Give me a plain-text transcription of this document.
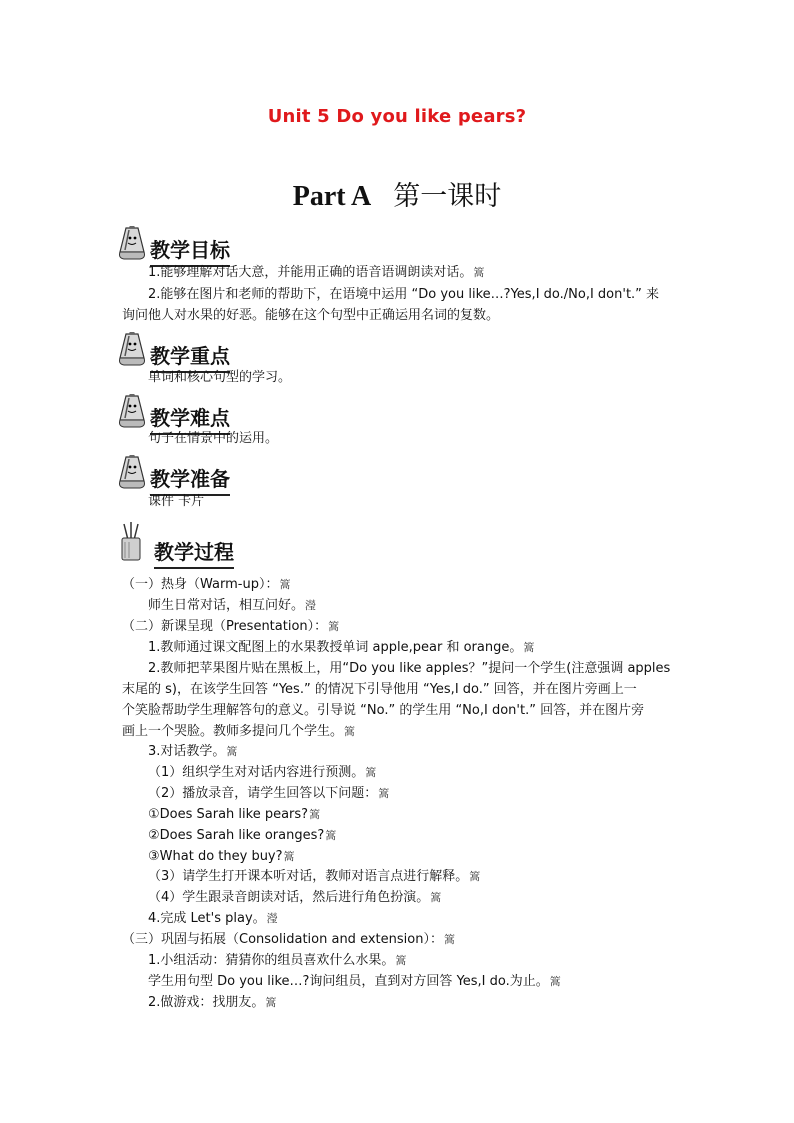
Unit 5 Do you like pears?
Part A 第一课时
教学目标
1.能够理解对话大意，并能用正确的语音语调朗读对话。篙
2.能够在图片和老师的帮助下，在语境中运用 “Do you like…?Yes,I do./No,I don't.” 来
询问他人对水果的好恶。能够在这个句型中正确运用名词的复数。
教学重点
单词和核心句型的学习。
教学难点
句子在情景中的运用。
教学准备
课件 卡片
教学过程
（一）热身（Warm-up）：篙
师生日常对话，相互问好。瀅
（二）新课呈现（Presentation）：篙
1.教师通过课文配图上的水果教授单词 apple,pear 和 orange。篙
2.教师把苹果图片贴在黑板上，用“Do you like apples？”提问一个学生(注意强调 apples
末尾的 s)，在该学生回答 “Yes.” 的情况下引导他用 “Yes,I do.” 回答，并在图片旁画上一
个笑脸帮助学生理解答句的意义。引导说 “No.” 的学生用 “No,I don't.” 回答，并在图片旁
画上一个哭脸。教师多提问几个学生。篙
3.对话教学。篙
（1）组织学生对对话内容进行预测。篙
（2）播放录音，请学生回答以下问题：篙
①Does Sarah like pears?篙
②Does Sarah like oranges?篙
③What do they buy?篙
（3）请学生打开课本听对话，教师对语言点进行解释。篙
（4）学生跟录音朗读对话，然后进行角色扮演。篙
4.完成 Let's play。瀅
（三）巩固与拓展（Consolidation and extension）：篙
1.小组活动：猜猜你的组员喜欢什么水果。篙
学生用句型 Do you like…?询问组员，直到对方回答 Yes,I do.为止。篙
2.做游戏：找朋友。篙
